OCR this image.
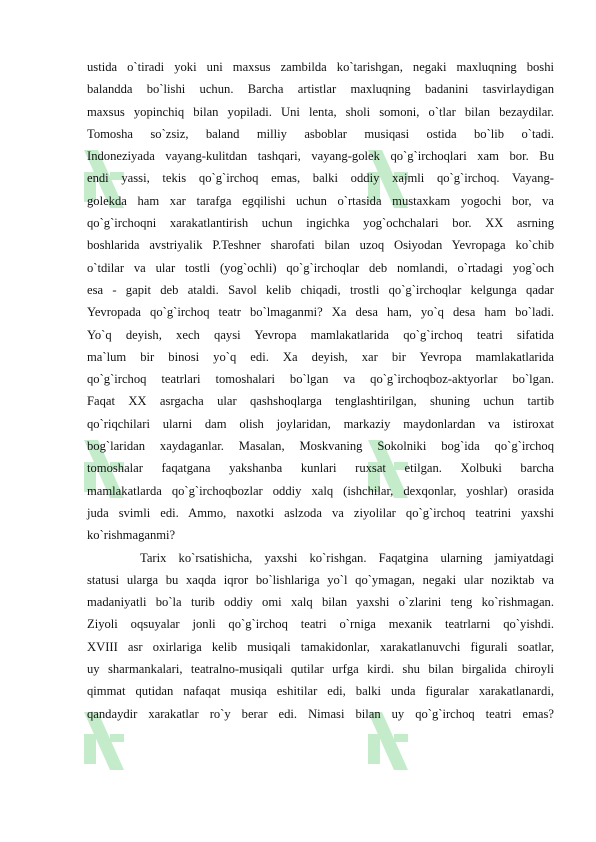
ustida o`tiradi yoki uni maxsus zambilda ko`tarishgan, negaki maxluqning boshi

balandda bo`lishi uchun. Barcha artistlar maxluqning badanini tasvirlaydigan

maxsus yopinchiq bilan yopiladi. Uni lenta, sholi somoni, o`tlar bilan bezaydilar.

Tomosha so`zsiz, baland milliy asboblar musiqasi ostida bo`lib o`tadi.

Indoneziyada vayang-kulitdan tashqari, vayang-golek qo`g`irchoqlari xam bor. Bu

endi yassi, tekis qo`g`irchoq emas, balki oddiy xajmli qo`g`irchoq. Vayang-

golekda ham xar tarafga egqilishi uchun o`rtasida mustaxkam yogochi bor, va

qo`g`irchoqni xarakatlantirish uchun ingichka yog`ochchalari bor. XX asrning

boshlarida avstriyalik P.Teshner sharofati bilan uzoq Osiyodan Yevropaga ko`chib

o`tdilar va ular tostli (yog`ochli) qo`g`irchoqlar deb nomlandi, o`rtadagi yog`och

esa - gapit deb ataldi. Savol kelib chiqadi, trostli qo`g`irchoqlar kelgunga qadar

Yevropada qo`g`irchoq teatr bo`lmaganmi? Xa desa ham, yo`q desa ham bo`ladi.

Yo`q deyish, xech qaysi Yevropa mamlakatlarida qo`g`irchoq teatri sifatida

ma`lum bir binosi yo`q edi. Xa deyish, xar bir Yevropa mamlakatlarida

qo`g`irchoq teatrlari tomoshalari bo`lgan va qo`g`irchoqboz-aktyorlar bo`lgan.

Faqat XX asrgacha ular qashshoqlarga tenglashtirilgan, shuning uchun tartib

qo`riqchilari ularni dam olish joylaridan, markaziy maydonlardan va istiroxat

bog`laridan xaydaganlar. Masalan, Moskvaning Sokolniki bog`ida qo`g`irchoq

tomoshalar faqatgana yakshanba kunlari ruxsat etilgan. Xolbuki barcha

mamlakatlarda qo`g`irchoqbozlar oddiy xalq (ishchilar, dexqonlar, yoshlar) orasida

juda svimli edi. Ammo, naxotki aslzoda va ziyolilar qo`g`irchoq teatrini yaxshi

ko`rishmaganmi?

Tarix ko`rsatishicha, yaxshi ko`rishgan. Faqatgina ularning jamiyatdagi

statusi ularga bu xaqda iqror bo`lishlariga yo`l qo`ymagan, negaki ular noziktab va

madaniyatli bo`la turib oddiy omi xalq bilan yaxshi o`zlarini teng ko`rishmagan.

Ziyoli oqsuyalar jonli qo`g`irchoq teatri o`rniga mexanik teatrlarni qo`yishdi.

XVIII asr oxirlariga kelib musiqali tamakidonlar, xarakatlanuvchi figurali soatlar,

uy sharmankalari, teatralno-musiqali qutilar urfga kirdi. shu bilan birgalida chiroyli

qimmat qutidan nafaqat musiqa eshitilar edi, balki unda figuralar xarakatlanardi,

qandaydir xarakatlar ro`y berar edi. Nimasi bilan uy qo`g`irchoq teatri emas?
